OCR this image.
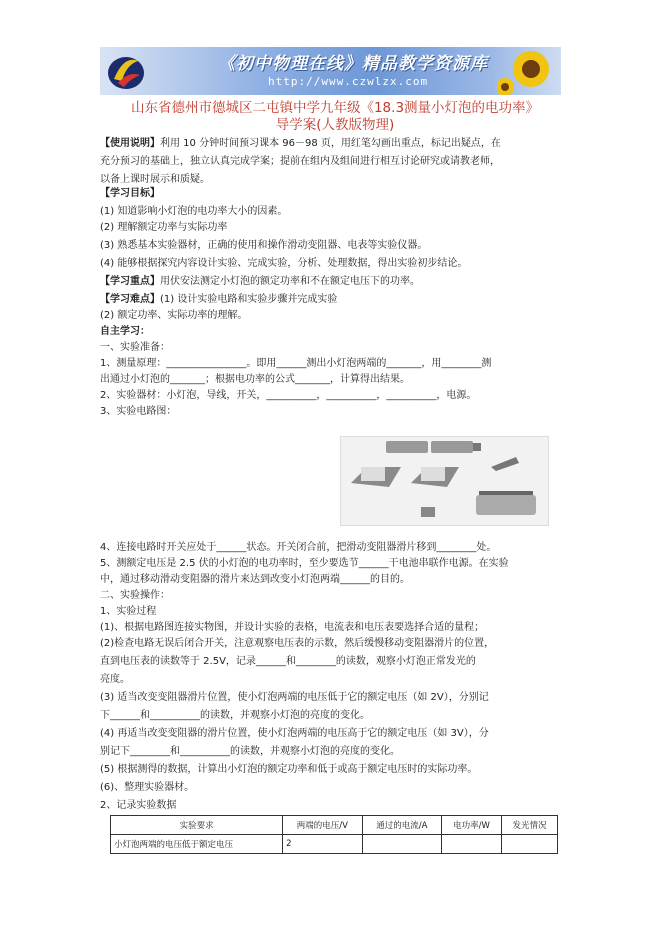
《初中物理在线》精品教学资源库
http://www.czwlzx.com
山东省德州市德城区二屯镇中学九年级《18.3测量小灯泡的电功率》
导学案(人教版物理)
【使用说明】利用 10 分钟时间预习课本 96－98 页，用红笔勾画出重点，标记出疑点，在
充分预习的基础上，独立认真完成学案；提前在组内及组间进行相互讨论研究或请教老师，
以备上课时展示和质疑。
【学习目标】
(1) 知道影响小灯泡的电功率大小的因素。
(2) 理解额定功率与实际功率
(3) 熟悉基本实验器材，正确的使用和操作滑动变阻器、电表等实验仪器。
(4) 能够根据探究内容设计实验、完成实验，分析、处理数据，得出实验初步结论。
【学习重点】用伏安法测定小灯泡的额定功率和不在额定电压下的功率。
【学习难点】(1) 设计实验电路和实验步骤并完成实验
(2) 额定功率、实际功率的理解。
自主学习：
一、实验准备：
1、测量原理：________________。即用______测出小灯泡两端的_______，用________测
出通过小灯泡的_______；根据电功率的公式_______，计算得出结果。
2、实验器材：小灯泡，导线，开关，__________，__________，__________，电源。
3、实验电路图：
4、连接电路时开关应处于______状态。开关闭合前，把滑动变阻器滑片移到________处。
5、测额定电压是 2.5 伏的小灯泡的电功率时，至少要选节______干电池串联作电源。在实验
中，通过移动滑动变阻器的滑片来达到改变小灯泡两端______的目的。
二、实验操作：
1、实验过程
(1)、根据电路图连接实物图，并设计实验的表格，电流表和电压表要选择合适的量程；
(2)检查电路无误后闭合开关，注意观察电压表的示数，然后缓慢移动变阻器滑片的位置，
直到电压表的读数等于 2.5V，记录______和________的读数，观察小灯泡正常发光的
亮度。
(3) 适当改变变阻器滑片位置，使小灯泡两端的电压低于它的额定电压（如 2V），分别记
下______和__________的读数，并观察小灯泡的亮度的变化。
(4) 再适当改变变阻器的滑片位置，使小灯泡两端的电压高于它的额定电压（如 3V），分
别记下________和__________的读数，并观察小灯泡的亮度的变化。
(5) 根据测得的数据，计算出小灯泡的额定功率和低于或高于额定电压时的实际功率。
(6)、整理实验器材。
2、记录实验数据
实验要求	两端的电压/V	通过的电流/A	电功率/W	发光情况
小灯泡两端的电压低于额定电压	2			
